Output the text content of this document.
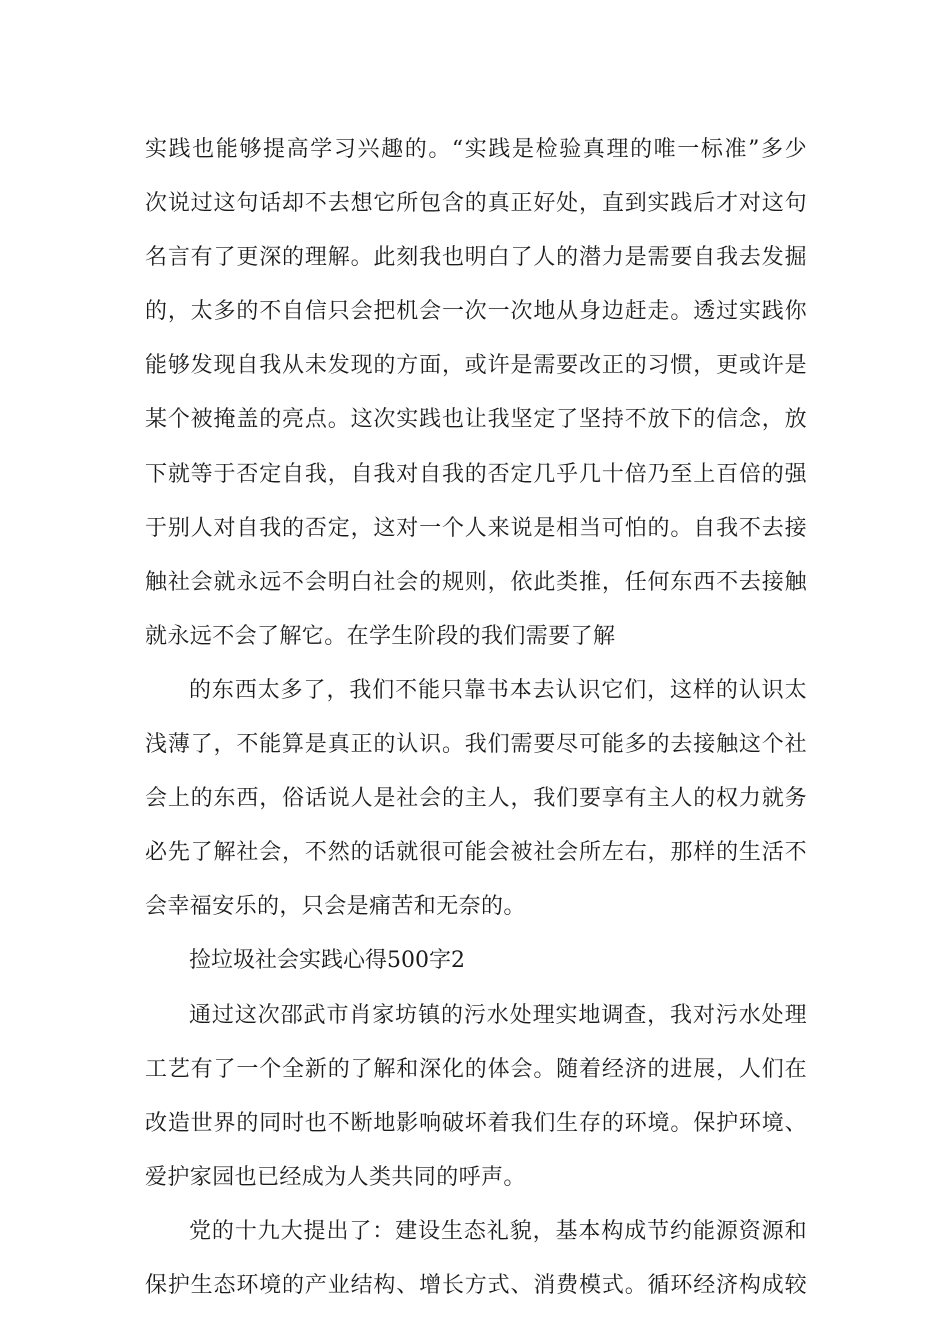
实践也能够提高学习兴趣的。“实践是检验真理的唯一标准”多少
次说过这句话却不去想它所包含的真正好处，直到实践后才对这句
名言有了更深的理解。此刻我也明白了人的潜力是需要自我去发掘
的，太多的不自信只会把机会一次一次地从身边赶走。透过实践你
能够发现自我从未发现的方面，或许是需要改正的习惯，更或许是
某个被掩盖的亮点。这次实践也让我坚定了坚持不放下的信念，放
下就等于否定自我，自我对自我的否定几乎几十倍乃至上百倍的强
于别人对自我的否定，这对一个人来说是相当可怕的。自我不去接
触社会就永远不会明白社会的规则，依此类推，任何东西不去接触
就永远不会了解它。在学生阶段的我们需要了解
的东西太多了，我们不能只靠书本去认识它们，这样的认识太
浅薄了，不能算是真正的认识。我们需要尽可能多的去接触这个社
会上的东西，俗话说人是社会的主人，我们要享有主人的权力就务
必先了解社会，不然的话就很可能会被社会所左右，那样的生活不
会幸福安乐的，只会是痛苦和无奈的。
捡垃圾社会实践心得500字2
通过这次邵武市肖家坊镇的污水处理实地调查，我对污水处理
工艺有了一个全新的了解和深化的体会。随着经济的进展，人们在
改造世界的同时也不断地影响破坏着我们生存的环境。保护环境、
爱护家园也已经成为人类共同的呼声。
党的十九大提出了：建设生态礼貌，基本构成节约能源资源和
保护生态环境的产业结构、增长方式、消费模式。循环经济构成较
